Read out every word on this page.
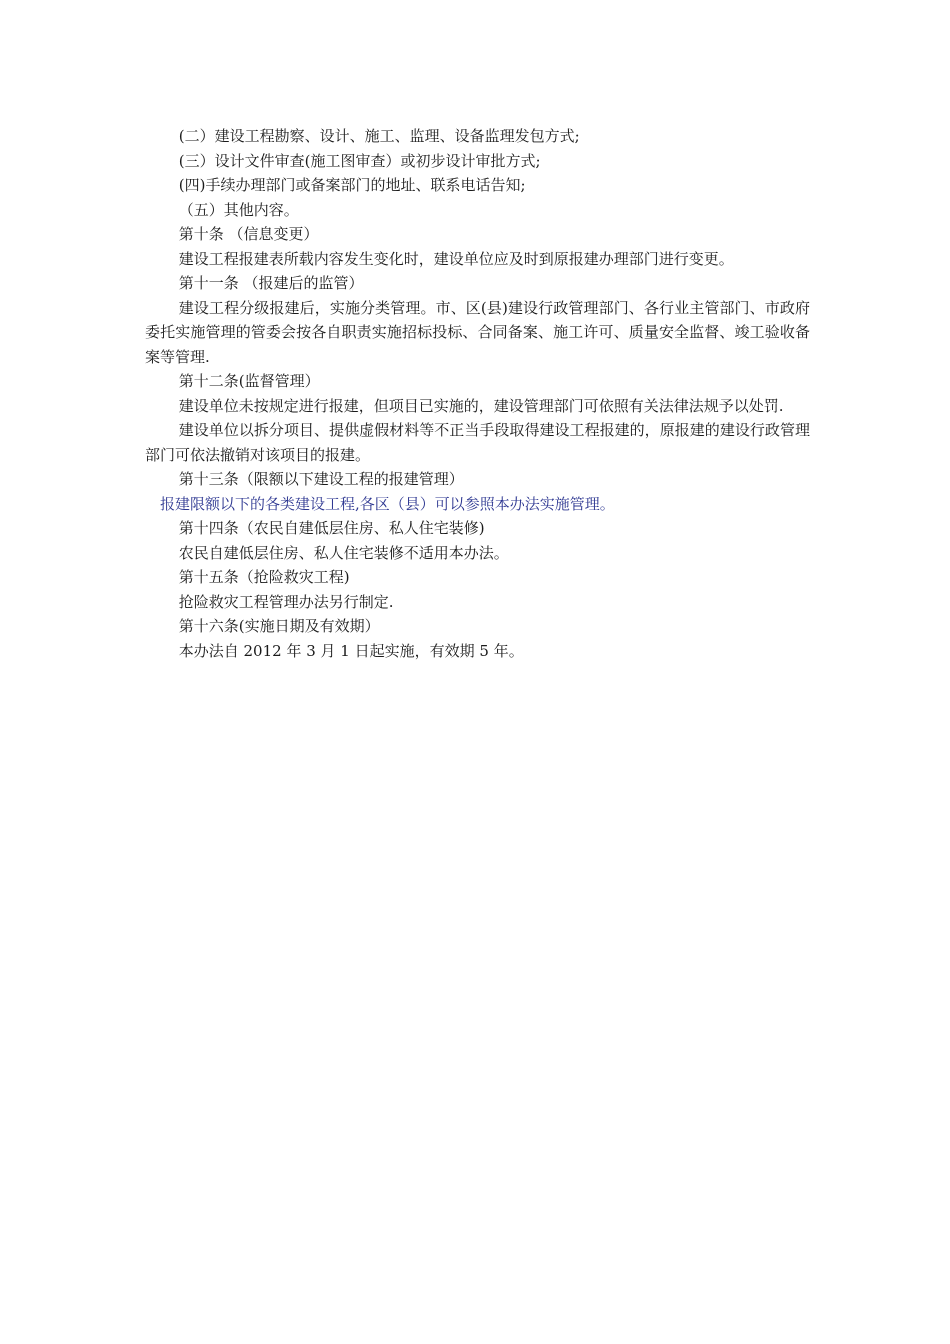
(二）建设工程勘察、设计、施工、监理、设备监理发包方式;

(三）设计文件审查(施工图审查）或初步设计审批方式;

(四)手续办理部门或备案部门的地址、联系电话告知;

（五）其他内容。

第十条 （信息变更）

建设工程报建表所载内容发生变化时，建设单位应及时到原报建办理部门进行变更。

第十一条 （报建后的监管）

建设工程分级报建后，实施分类管理。市、区(县)建设行政管理部门、各行业主管部门、市政府委托实施管理的管委会按各自职责实施招标投标、合同备案、施工许可、质量安全监督、竣工验收备案等管理.

第十二条(监督管理）

建设单位未按规定进行报建，但项目已实施的，建设管理部门可依照有关法律法规予以处罚.

建设单位以拆分项目、提供虚假材料等不正当手段取得建设工程报建的，原报建的建设行政管理部门可依法撤销对该项目的报建。

第十三条（限额以下建设工程的报建管理）

报建限额以下的各类建设工程,各区（县）可以参照本办法实施管理。

第十四条（农民自建低层住房、私人住宅装修)

农民自建低层住房、私人住宅装修不适用本办法。

第十五条（抢险救灾工程)

抢险救灾工程管理办法另行制定.

第十六条(实施日期及有效期）

本办法自 2012 年 3 月 1 日起实施，有效期 5 年。
